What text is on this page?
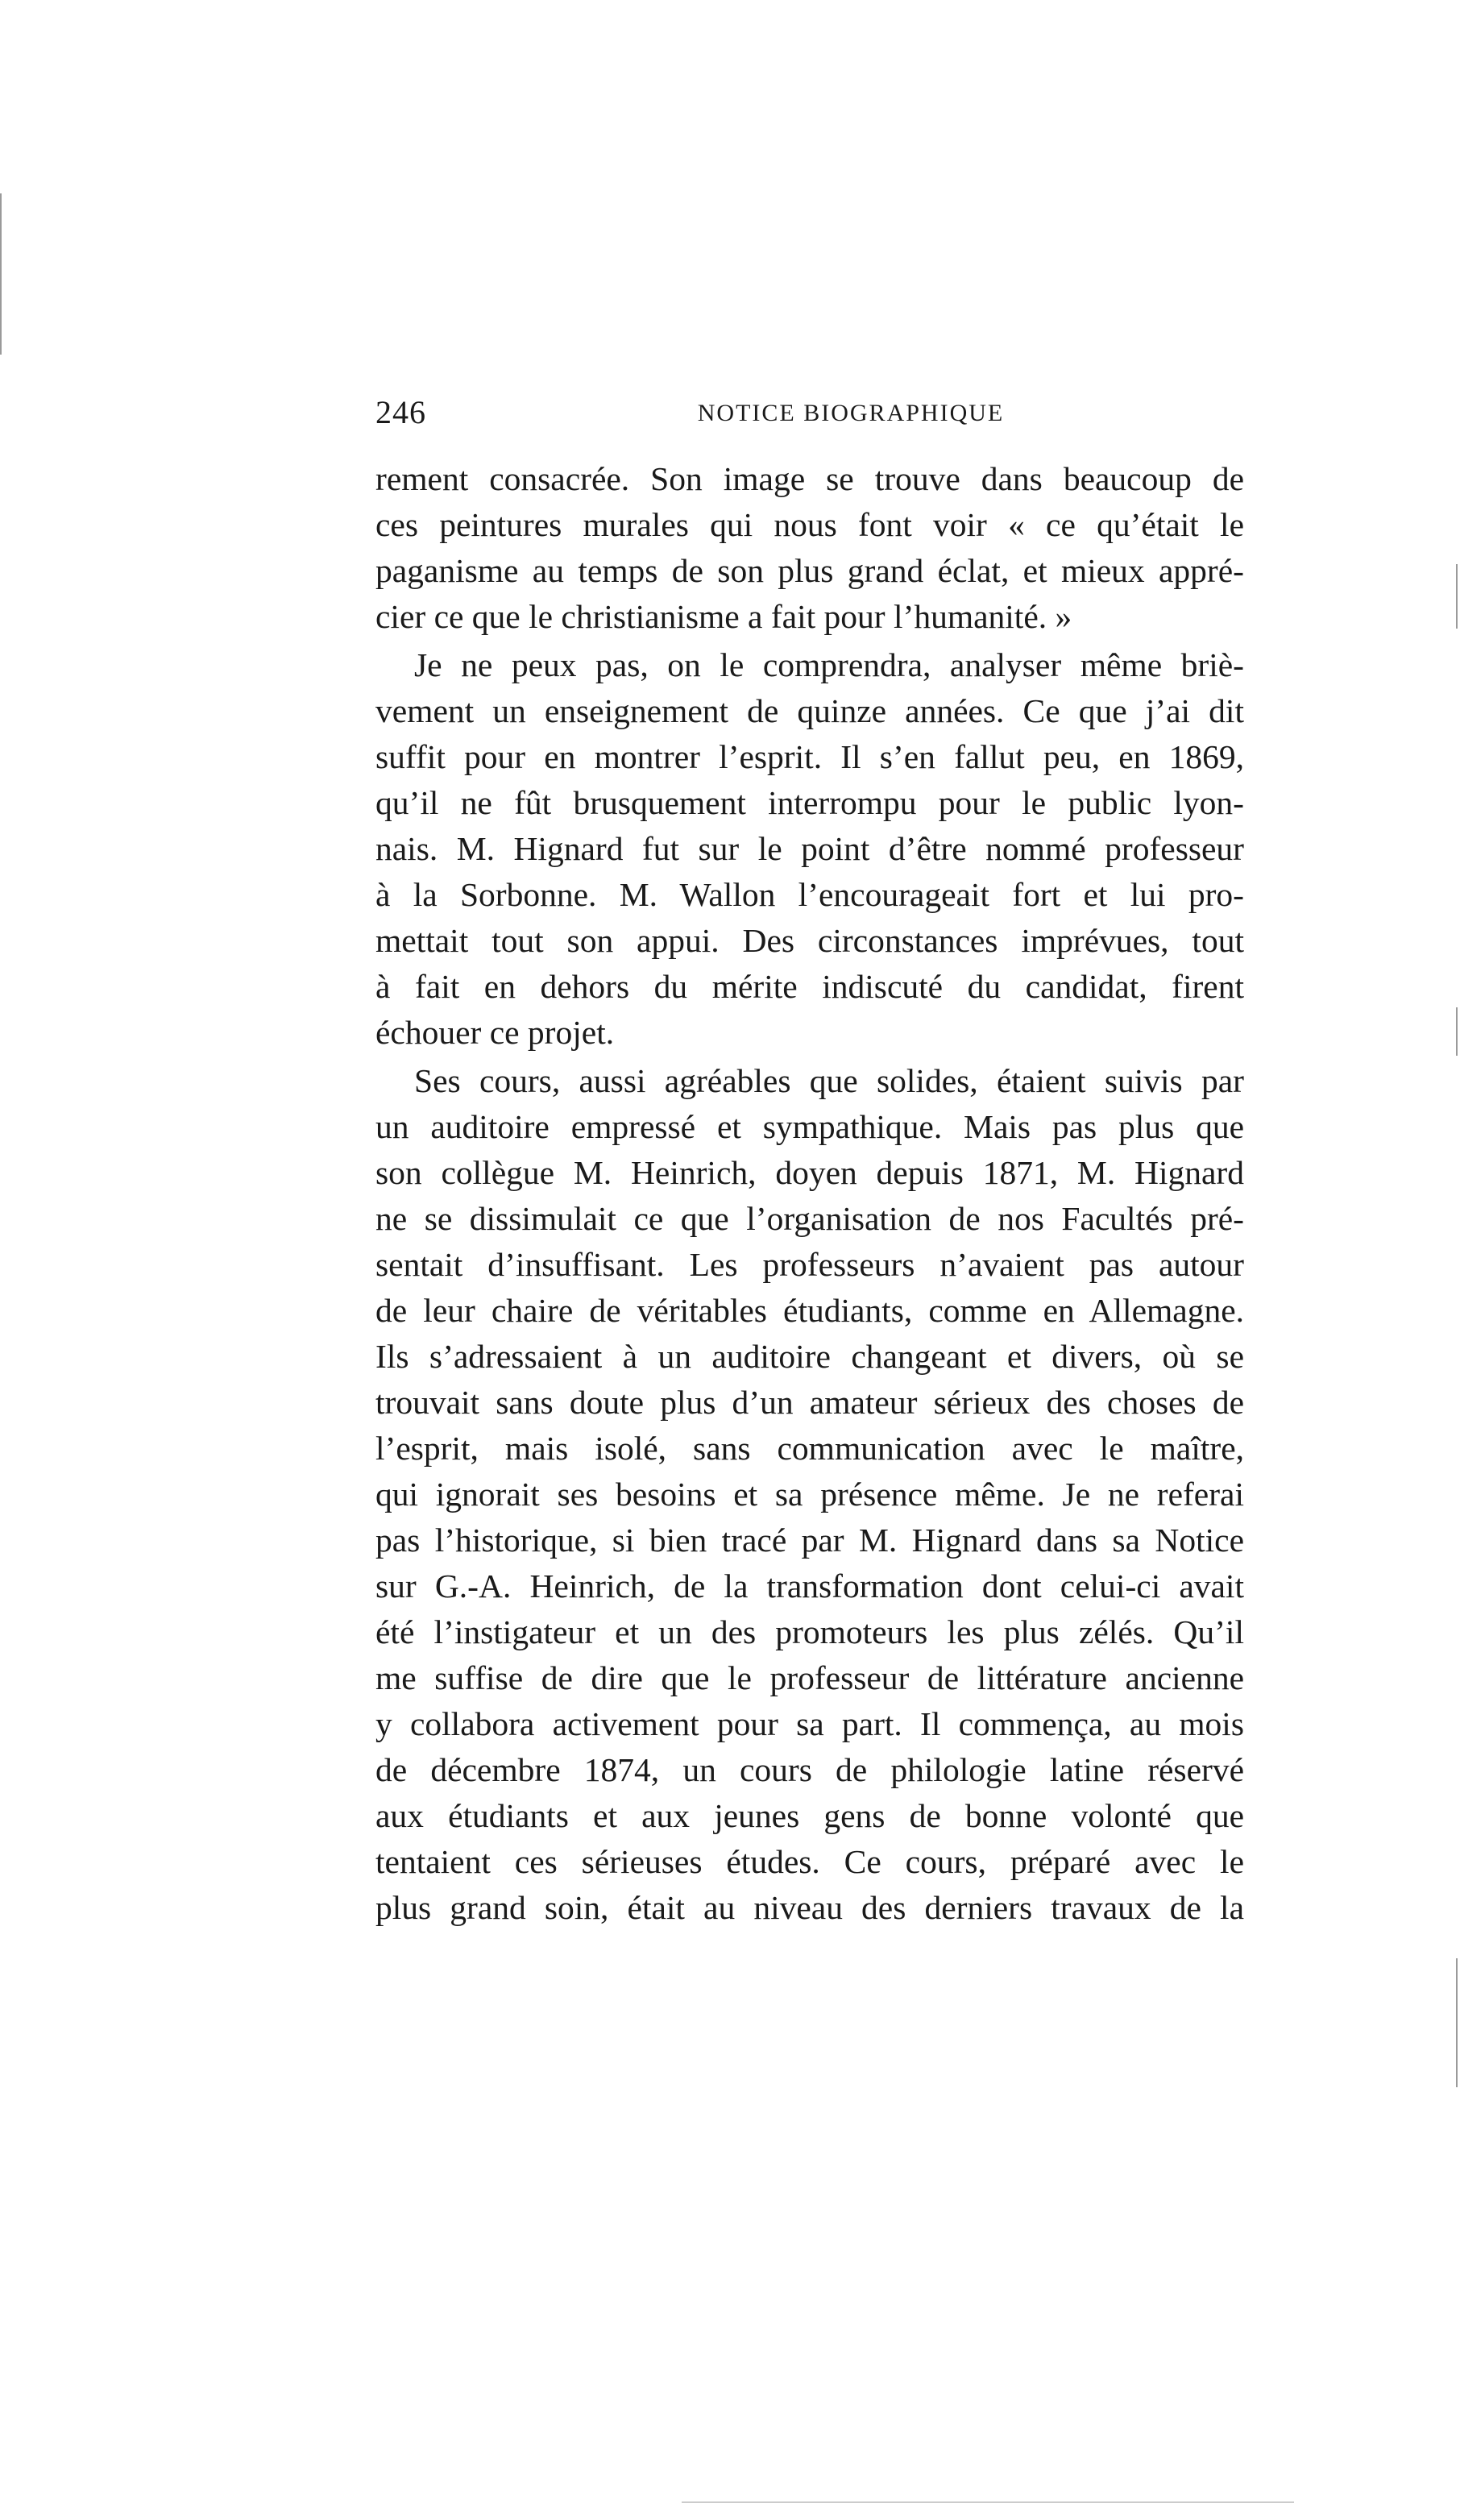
246	NOTICE BIOGRAPHIQUE
rement consacrée. Son image se trouve dans beaucoup de
ces peintures murales qui nous font voir « ce qu’était le
paganisme au temps de son plus grand éclat, et mieux appré-
cier ce que le christianisme a fait pour l’humanité. »
Je ne peux pas, on le comprendra, analyser même briè-
vement un enseignement de quinze années. Ce que j’ai dit
suffit pour en montrer l’esprit. Il s’en fallut peu, en 1869,
qu’il ne fût brusquement interrompu pour le public lyon-
nais. M. Hignard fut sur le point d’être nommé professeur
à la Sorbonne. M. Wallon l’encourageait fort et lui pro-
mettait tout son appui. Des circonstances imprévues, tout
à fait en dehors du mérite indiscuté du candidat, firent
échouer ce projet.
Ses cours, aussi agréables que solides, étaient suivis par
un auditoire empressé et sympathique. Mais pas plus que
son collègue M. Heinrich, doyen depuis 1871, M. Hignard
ne se dissimulait ce que l’organisation de nos Facultés pré-
sentait d’insuffisant. Les professeurs n’avaient pas autour
de leur chaire de véritables étudiants, comme en Allemagne.
Ils s’adressaient à un auditoire changeant et divers, où se
trouvait sans doute plus d’un amateur sérieux des choses de
l’esprit, mais isolé, sans communication avec le maître,
qui ignorait ses besoins et sa présence même. Je ne referai
pas l’historique, si bien tracé par M. Hignard dans sa Notice
sur G.-A. Heinrich, de la transformation dont celui-ci avait
été l’instigateur et un des promoteurs les plus zélés. Qu’il
me suffise de dire que le professeur de littérature ancienne
y collabora activement pour sa part. Il commença, au mois
de décembre 1874, un cours de philologie latine réservé
aux étudiants et aux jeunes gens de bonne volonté que
tentaient ces sérieuses études. Ce cours, préparé avec le
plus grand soin, était au niveau des derniers travaux de la
